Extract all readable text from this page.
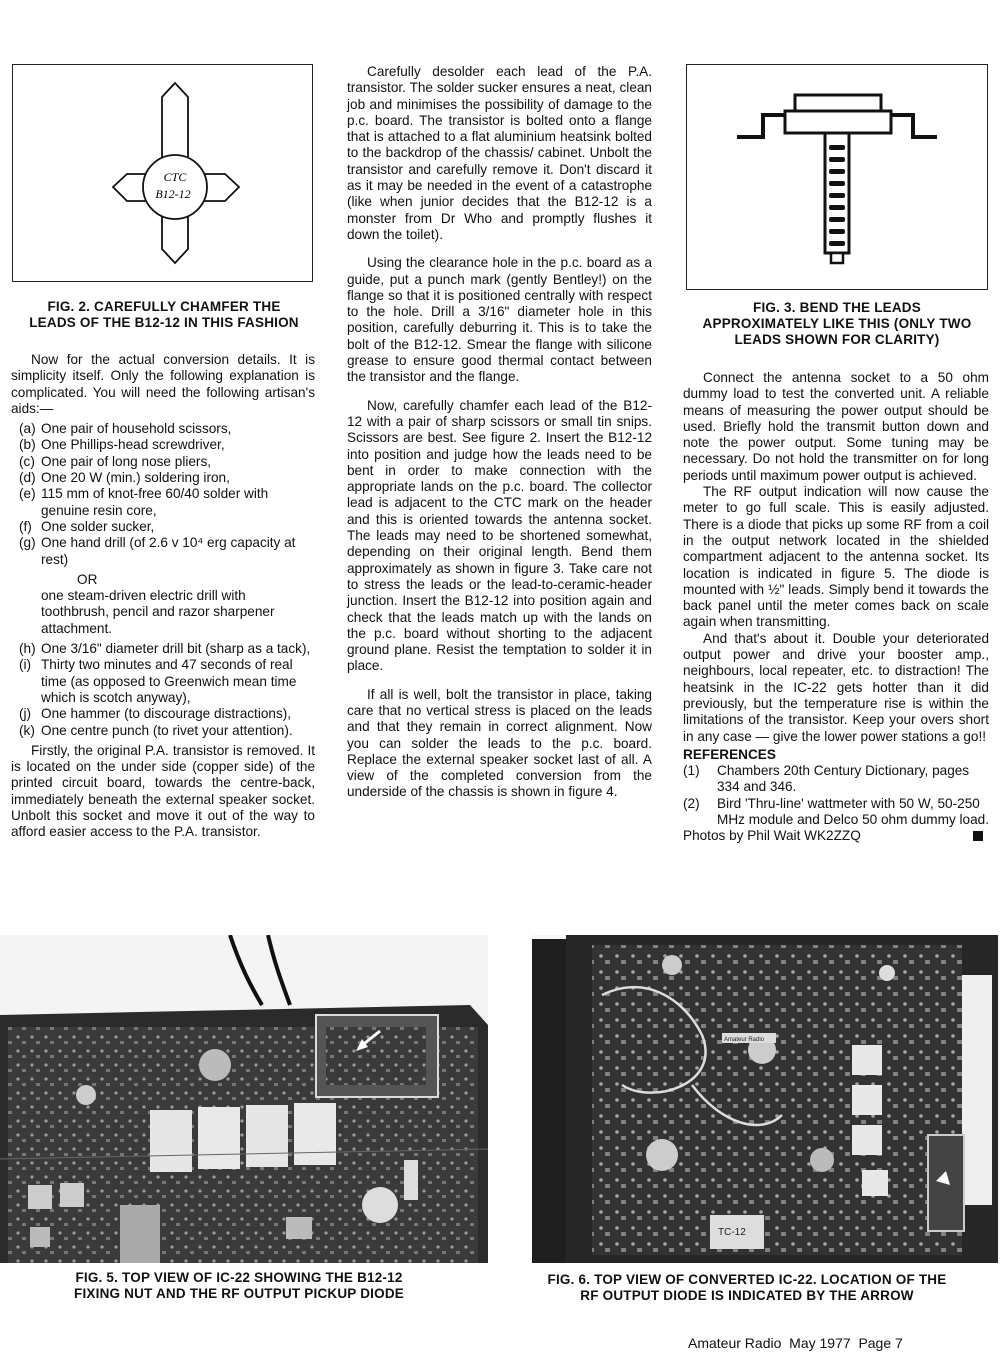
CTC
B12-12
FIG. 2. CAREFULLY CHAMFER THE
LEADS OF THE B12-12 IN THIS FASHION
FIG. 3. BEND THE LEADS
APPROXIMATELY LIKE THIS (ONLY TWO
LEADS SHOWN FOR CLARITY)

Now for the actual conversion details. It is simplicity itself. Only the following explanation is complicated. You will need the following artisan's aids:—

(a) One pair of household scissors,
(b) One Phillips-head screwdriver,
(c) One pair of long nose pliers,
(d) One 20 W (min.) soldering iron,
(e) 115 mm of knot-free 60/40 solder with genuine resin core,
(f) One solder sucker,
(g) One hand drill (of 2.6 v 10⁴ erg capacity at rest)
OR
one steam-driven electric drill with toothbrush, pencil and razor sharpener attachment.
(h) One 3/16" diameter drill bit (sharp as a tack),
(i) Thirty two minutes and 47 seconds of real time (as opposed to Greenwich mean time which is scotch anyway),
(j) One hammer (to discourage distractions),
(k) One centre punch (to rivet your attention).

Firstly, the original P.A. transistor is removed. It is located on the under side (copper side) of the printed circuit board, towards the centre-back, immediately beneath the external speaker socket. Unbolt this socket and move it out of the way to afford easier access to the P.A. transistor.

Carefully desolder each lead of the P.A. transistor. The solder sucker ensures a neat, clean job and minimises the possibility of damage to the p.c. board. The transistor is bolted onto a flange that is attached to a flat aluminium heatsink bolted to the backdrop of the chassis/ cabinet. Unbolt the transistor and carefully remove it. Don't discard it as it may be needed in the event of a catastrophe (like when junior decides that the B12-12 is a monster from Dr Who and promptly flushes it down the toilet).

Using the clearance hole in the p.c. board as a guide, put a punch mark (gently Bentley!) on the flange so that it is positioned centrally with respect to the hole. Drill a 3/16" diameter hole in this position, carefully deburring it. This is to take the bolt of the B12-12. Smear the flange with silicone grease to ensure good thermal contact between the transistor and the flange.

Now, carefully chamfer each lead of the B12-12 with a pair of sharp scissors or small tin snips. Scissors are best. See figure 2. Insert the B12-12 into position and judge how the leads need to be bent in order to make connection with the appropriate lands on the p.c. board. The collector lead is adjacent to the CTC mark on the header and this is oriented towards the antenna socket. The leads may need to be shortened somewhat, depending on their original length. Bend them approximately as shown in figure 3. Take care not to stress the leads or the lead-to-ceramic-header junction. Insert the B12-12 into position again and check that the leads match up with the lands on the p.c. board without shorting to the adjacent ground plane. Resist the temptation to solder it in place.

If all is well, bolt the transistor in place, taking care that no vertical stress is placed on the leads and that they remain in correct alignment. Now you can solder the leads to the p.c. board. Replace the external speaker socket last of all. A view of the completed conversion from the underside of the chassis is shown in figure 4.

Connect the antenna socket to a 50 ohm dummy load to test the converted unit. A reliable means of measuring the power output should be used. Briefly hold the transmit button down and note the power output. Some tuning may be necessary. Do not hold the transmitter on for long periods until maximum power output is achieved.

The RF output indication will now cause the meter to go full scale. This is easily adjusted. There is a diode that picks up some RF from a coil in the output network located in the shielded compartment adjacent to the antenna socket. Its location is indicated in figure 5. The diode is mounted with ½" leads. Simply bend it towards the back panel until the meter comes back on scale again when transmitting.

And that's about it. Double your deteriorated output power and drive your booster amp., neighbours, local repeater, etc. to distraction! The heatsink in the IC-22 gets hotter than it did previously, but the temperature rise is within the limitations of the transistor. Keep your overs short in any case — give the lower power stations a go!!

REFERENCES
(1) Chambers 20th Century Dictionary, pages 334 and 346.
(2) Bird 'Thru-line' wattmeter with 50 W, 50-250 MHz module and Delco 50 ohm dummy load.
Photos by Phil Wait WK2ZZQ
FIG. 5. TOP VIEW OF IC-22 SHOWING THE B12-12
FIXING NUT AND THE RF OUTPUT PICKUP DIODE
TC-12
Amateur Radio
FIG. 6. TOP VIEW OF CONVERTED IC-22. LOCATION OF THE
RF OUTPUT DIODE IS INDICATED BY THE ARROW
Amateur Radio May 1977 Page 7
